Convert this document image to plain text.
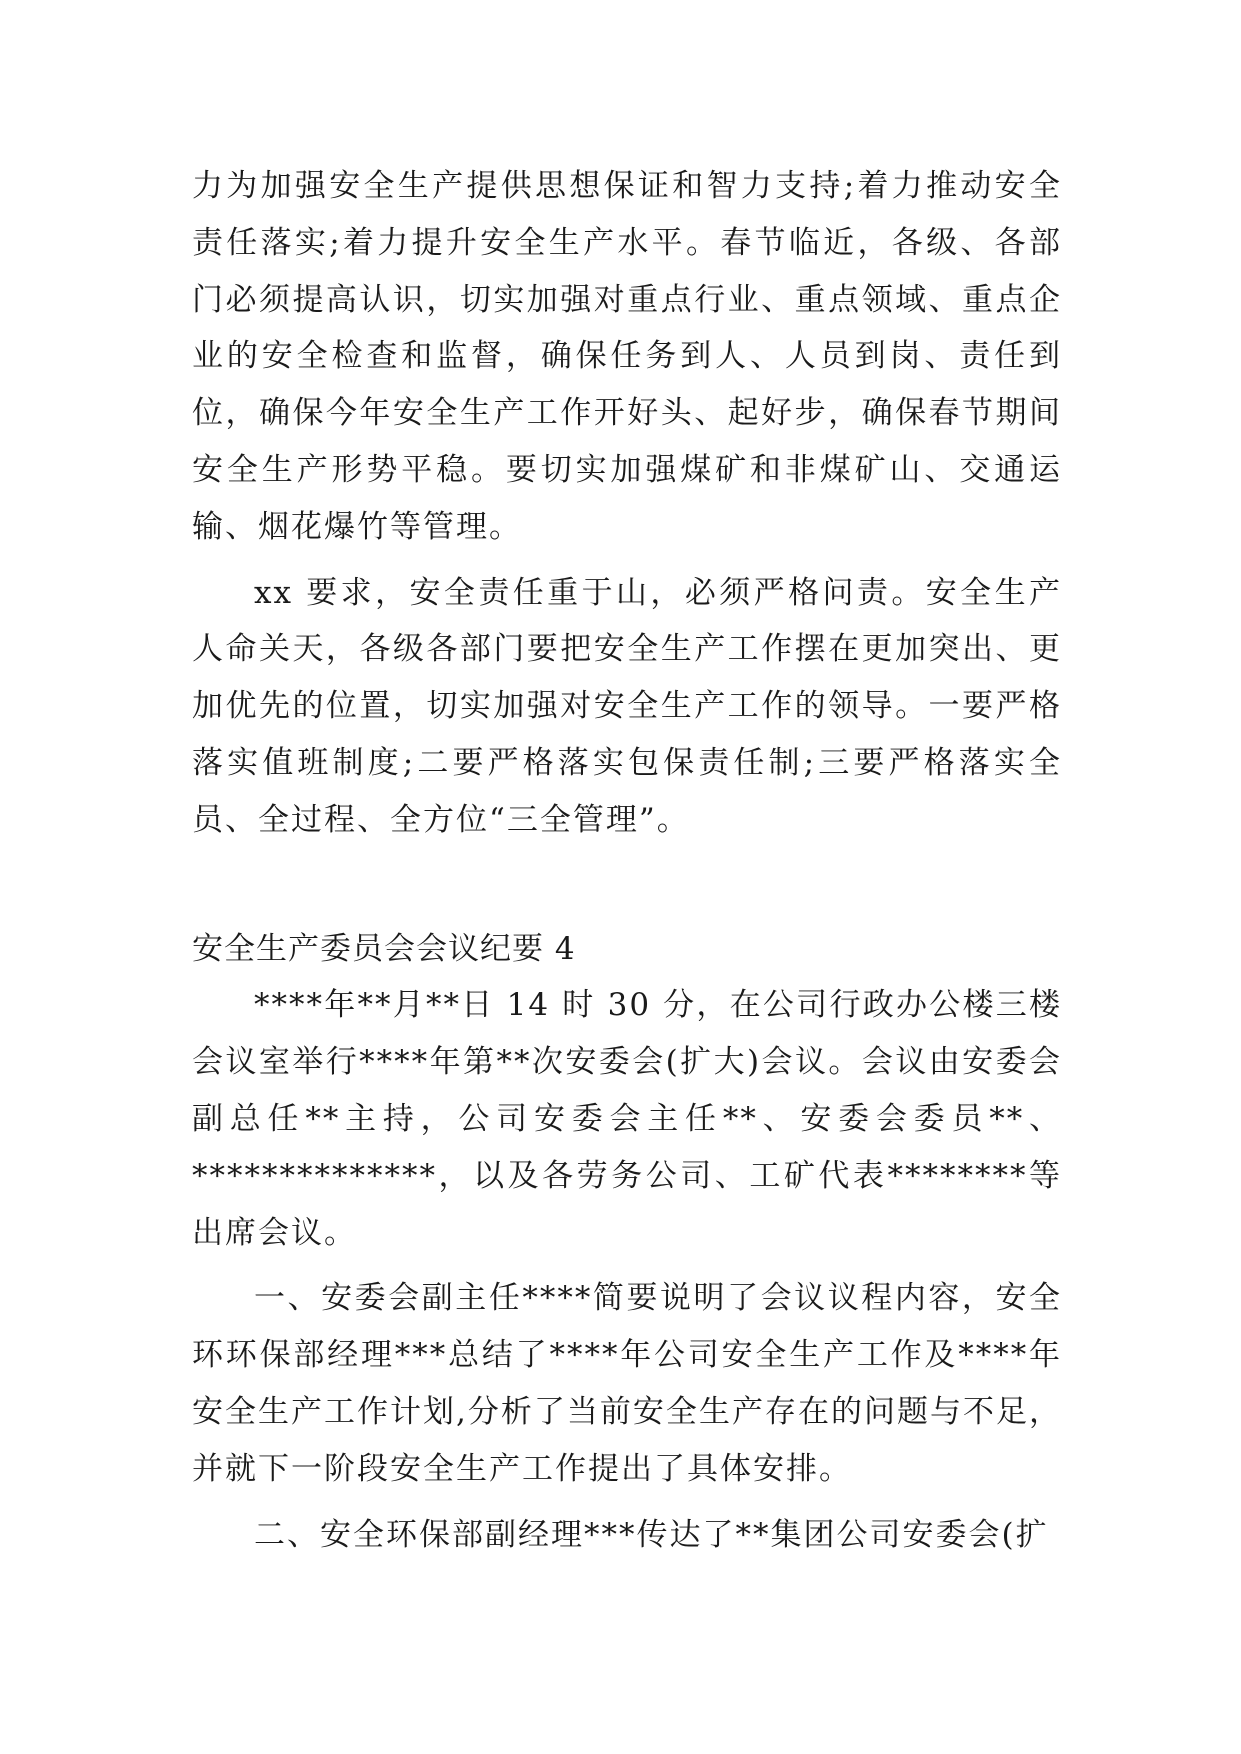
力为加强安全生产提供思想保证和智力支持;着力推动安全责任落实;着力提升安全生产水平。春节临近，各级、各部门必须提高认识，切实加强对重点行业、重点领域、重点企业的安全检查和监督，确保任务到人、人员到岗、责任到位，确保今年安全生产工作开好头、起好步，确保春节期间安全生产形势平稳。要切实加强煤矿和非煤矿山、交通运输、烟花爆竹等管理。

xx 要求，安全责任重于山，必须严格问责。安全生产人命关天，各级各部门要把安全生产工作摆在更加突出、更加优先的位置，切实加强对安全生产工作的领导。一要严格落实值班制度;二要严格落实包保责任制;三要严格落实全员、全过程、全方位“三全管理”。

安全生产委员会会议纪要 4

****年**月**日 14 时 30 分，在公司行政办公楼三楼会议室举行****年第**次安委会(扩大)会议。会议由安委会副总任**主持，公司安委会主任**、安委会委员**、**************，以及各劳务公司、工矿代表********等出席会议。

一、安委会副主任****简要说明了会议议程内容，安全环环保部经理***总结了****年公司安全生产工作及****年安全生产工作计划,分析了当前安全生产存在的问题与不足，并就下一阶段安全生产工作提出了具体安排。

二、安全环保部副经理***传达了**集团公司安委会(扩
